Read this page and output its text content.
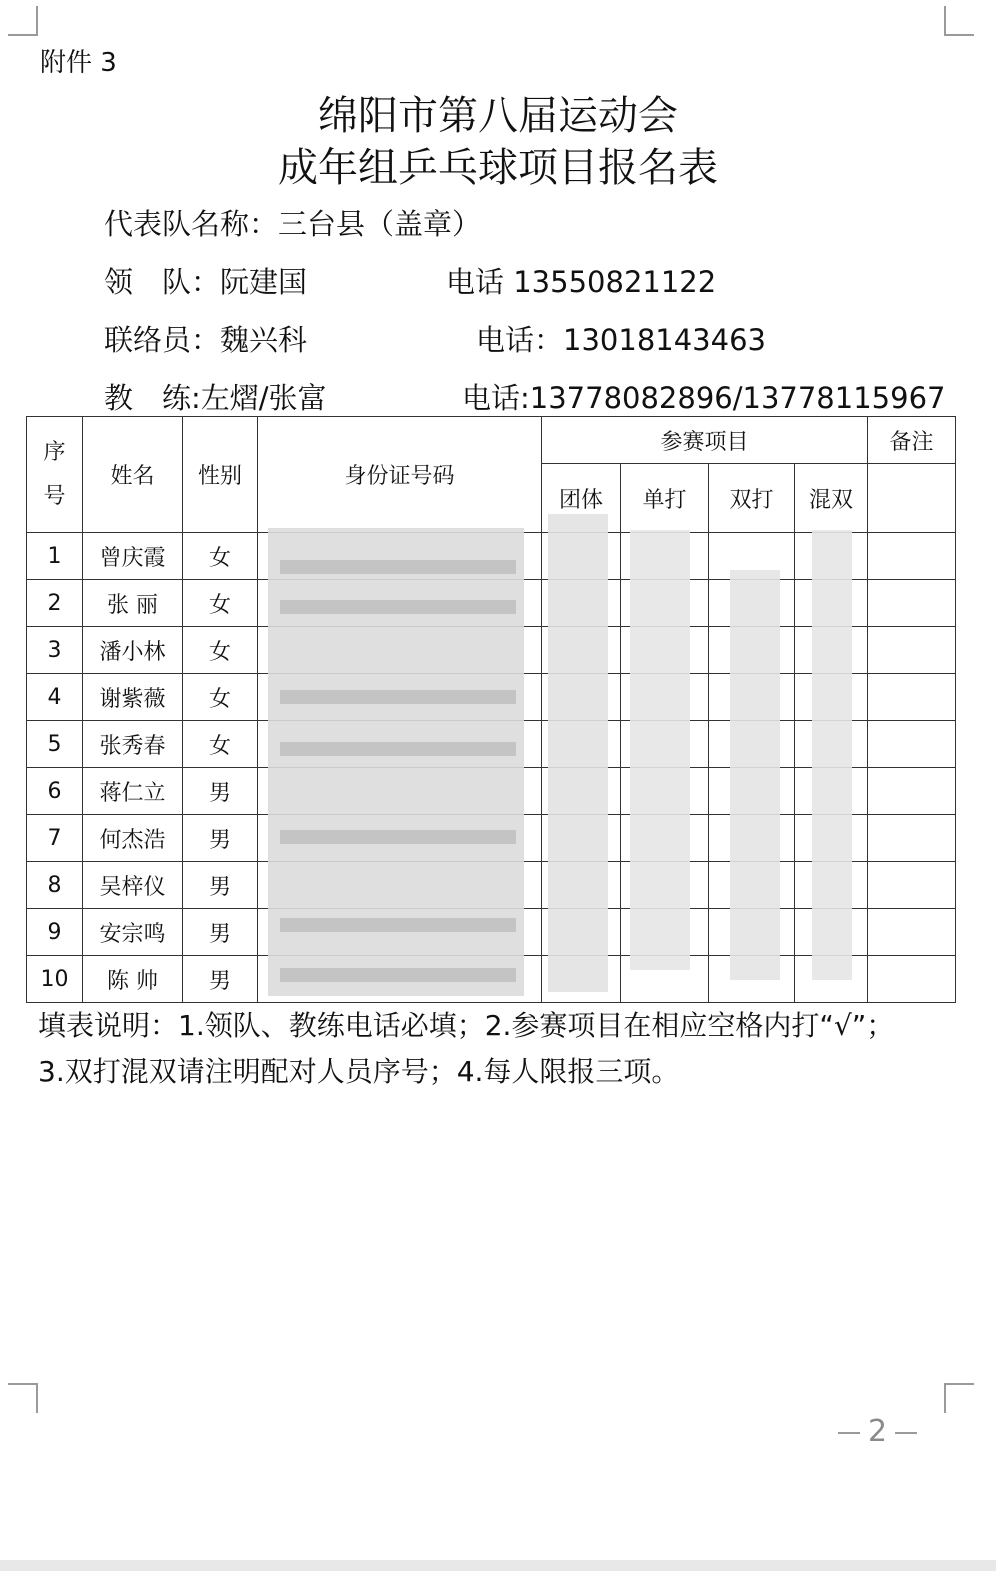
附件 3
绵阳市第八届运动会
成年组乒乓球项目报名表
代表队名称：三台县（盖章）
领　队：阮建国	电话 13550821122
联络员：魏兴科	电话：13018143463
教　练:左熠/张富	电话:13778082896/13778115967
序
号	姓名	性别	身份证号码	参赛项目				备注
				团体	单打	双打	混双	
1	曾庆霞	女						
2	张 丽	女						
3	潘小林	女						
4	谢紫薇	女						
5	张秀春	女						
6	蒋仁立	男						
7	何杰浩	男						
8	吴梓仪	男						
9	安宗鸣	男						
10	陈 帅	男						
填表说明：1.领队、教练电话必填；2.参赛项目在相应空格内打“√”；
3.双打混双请注明配对人员序号；4.每人限报三项。
2
